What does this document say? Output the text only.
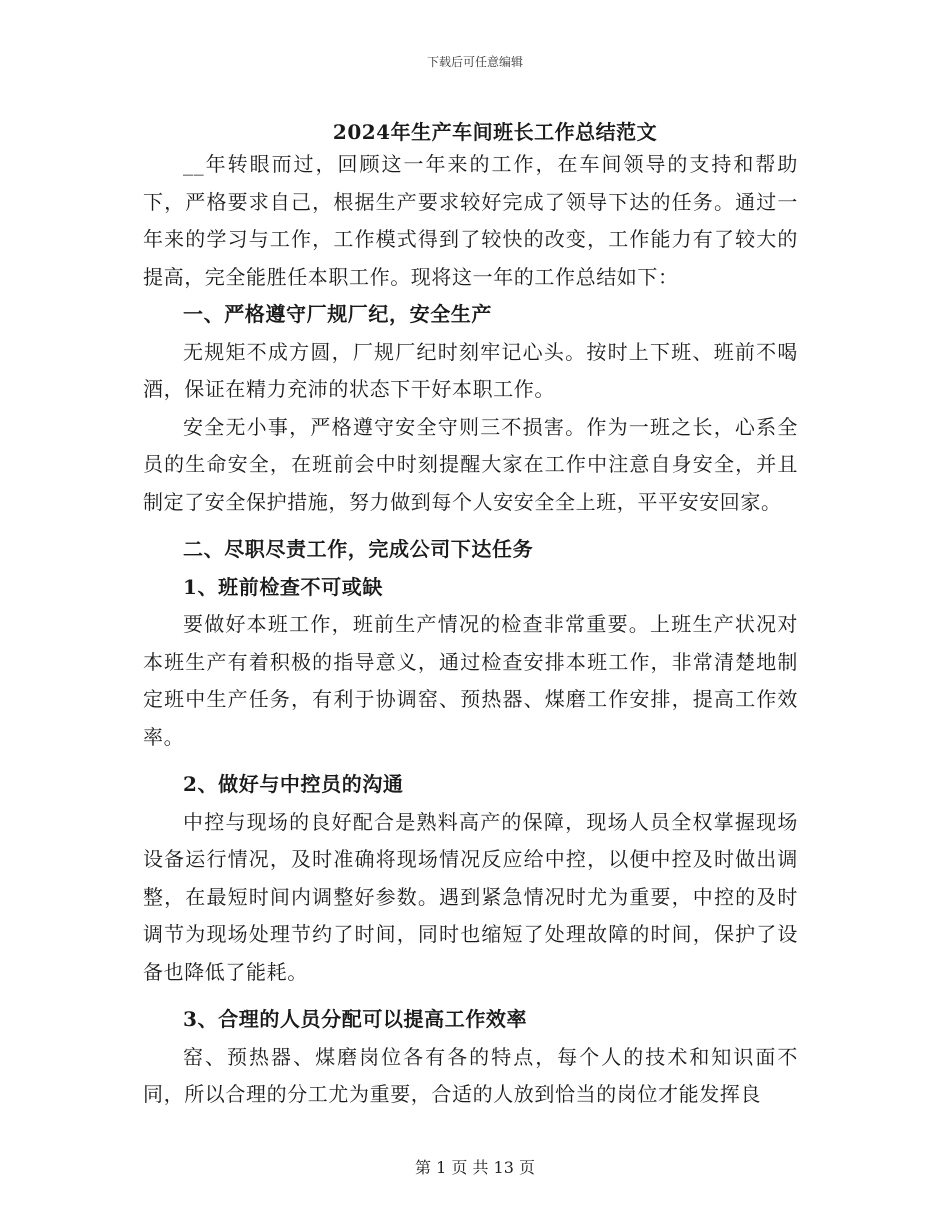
下载后可任意编辑
2024年生产车间班长工作总结范文

__年转眼而过，回顾这一年来的工作，在车间领导的支持和帮助下，严格要求自己，根据生产要求较好完成了领导下达的任务。通过一年来的学习与工作，工作模式得到了较快的改变，工作能力有了较大的提高，完全能胜任本职工作。现将这一年的工作总结如下：

一、严格遵守厂规厂纪，安全生产

无规矩不成方圆，厂规厂纪时刻牢记心头。按时上下班、班前不喝酒，保证在精力充沛的状态下干好本职工作。

安全无小事，严格遵守安全守则三不损害。作为一班之长，心系全员的生命安全，在班前会中时刻提醒大家在工作中注意自身安全，并且制定了安全保护措施，努力做到每个人安安全全上班，平平安安回家。

二、尽职尽责工作，完成公司下达任务

1、班前检查不可或缺

要做好本班工作，班前生产情况的检查非常重要。上班生产状况对本班生产有着积极的指导意义，通过检查安排本班工作，非常清楚地制定班中生产任务，有利于协调窑、预热器、煤磨工作安排，提高工作效率。

2、做好与中控员的沟通

中控与现场的良好配合是熟料高产的保障，现场人员全权掌握现场设备运行情况，及时准确将现场情况反应给中控，以便中控及时做出调整，在最短时间内调整好参数。遇到紧急情况时尤为重要，中控的及时调节为现场处理节约了时间，同时也缩短了处理故障的时间，保护了设备也降低了能耗。

3、合理的人员分配可以提高工作效率

窑、预热器、煤磨岗位各有各的特点，每个人的技术和知识面不同，所以合理的分工尤为重要，合适的人放到恰当的岗位才能发挥良

第 1 页 共 13 页
